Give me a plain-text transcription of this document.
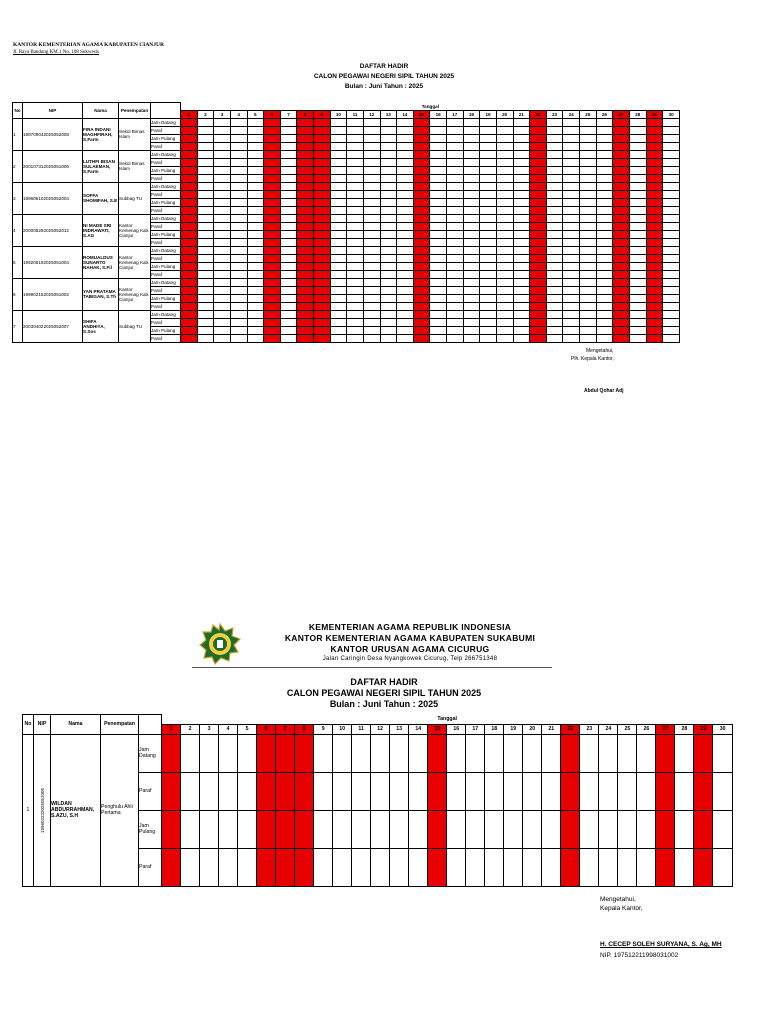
KANTOR KEMENTERIAN AGAMA KABUPATEN CIANJUR
Jl. Raya Bandung KM.1 No. 108 Sukwesis
DAFTAR HADIR
CALON PEGAWAI NEGERI SIPIL TAHUN 2025
Bulan : Juni Tahun : 2025
No	NIP	Nama	Penempatan		Tanggal																													
					1	2	3	4	5	6	7	8	9	10	11	12	13	14	15	16	17	18	19	20	21	22	23	24	25	26	27	28	29	30
1	199709042025052008	FIRA INDANI MAGHFIRAH, S.Farm	Sekol Bimas Islam	Jam Datang																														
				Paraf																														
				Jam Pulang																														
				Paraf																														
2	200107312025051006	LUTHFI BISAN SULAEMAN, S.Farm	Sekol Bimas Islam	Jam Datang																														
				Paraf																														
				Jam Pulang																														
				Paraf																														
3	199606102025052004	SOFFA SHOMIFAH, S.E	Subbag TU	Jam Datang																														
				Paraf																														
				Jam Pulang																														
				Paraf																														
4	200005292025052012	NI MADE SRI INDRAWATI, S.AG	Kantor Kemenag Kab. Cianjur	Jam Datang																														
				Paraf																														
				Jam Pulang																														
				Paraf																														
5	199206192025051004	ROMUALDUS SUNARTO NAHAK, S.Fil	Kantor Kemenag Kab. Cianjur	Jam Datang																														
				Paraf																														
				Jam Pulang																														
				Paraf																														
6	199902152025051002	YAN PRATAMA TABIGAN, S.Th	Kantor Kemenag Kab. Cianjur	Jam Datang																														
				Paraf																														
				Jam Pulang																														
				Paraf																														
7	200304022025052007	SHIFA ANDHIYA, S.Sos	Subbag TU	Jam Datang																														
				Paraf																														
				Jam Pulang																														
				Paraf																														
Mengetahui,
Plh. Kepala Kantor,
Abdul Qohar Adj
KEMENTERIAN AGAMA REPUBLIK INDONESIA
KANTOR KEMENTERIAN AGAMA KABUPATEN SUKABUMI
KANTOR URUSAN AGAMA CICURUG
Jalan Caringin Desa Nyangkowek Cicurug, Telp 266751348
DAFTAR HADIR
CALON PEGAWAI NEGERI SIPIL TAHUN 2025
Bulan : Juni Tahun : 2025
No	NIP	Nama	Penempatan		Tanggal																													
					1	2	3	4	5	6	7	8	9	10	11	12	13	14	15	16	17	18	19	20	21	22	23	24	25	26	27	28	29	30
1	199602232025051005	WILDAN ABDURRAHMAN, S.AZU, S.H	Penghulu Ahli Pertama	Jam Datang																														
				Paraf																														
				Jam Pulang																														
				Paraf																														
Mengetahui,
Kepala Kantor,
H. CECEP SOLEH SURYANA, S. Ag, MH
NIP. 197512211998031002
